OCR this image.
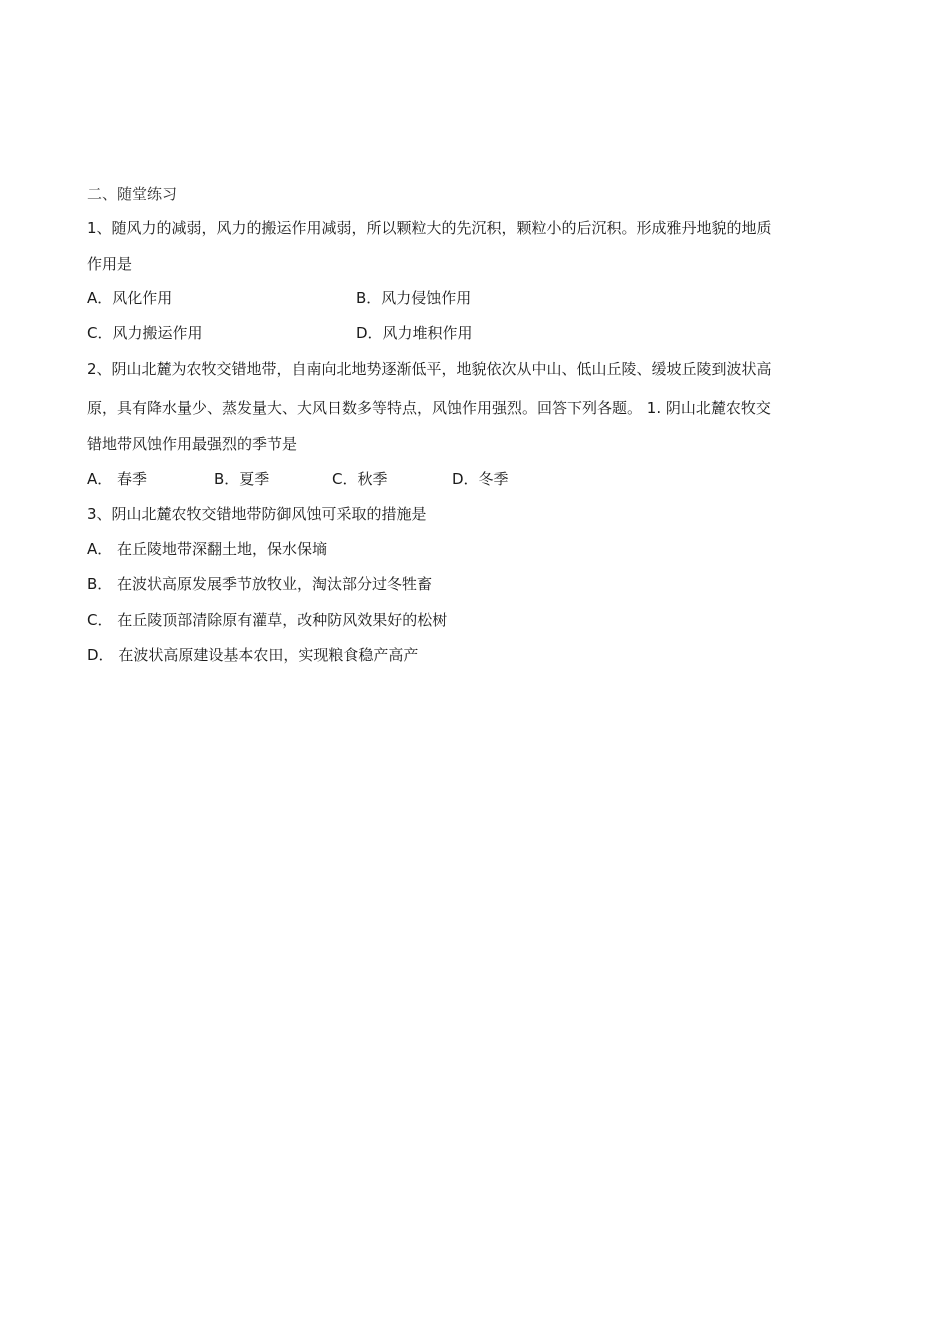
二、随堂练习
1、随风力的减弱，风力的搬运作用减弱，所以颗粒大的先沉积，颗粒小的后沉积。形成雅丹地貌的地质
作用是
A．风化作用	B．风力侵蚀作用
C．风力搬运作用	D．风力堆积作用
2、阴山北麓为农牧交错地带，自南向北地势逐渐低平，地貌依次从中山、低山丘陵、缓坡丘陵到波状高
原，具有降水量少、蒸发量大、大风日数多等特点，风蚀作用强烈。回答下列各题。 1. 阴山北麓农牧交
错地带风蚀作用最强烈的季节是
A． 春季	B．夏季	C．秋季	D．冬季
3、阴山北麓农牧交错地带防御风蚀可采取的措施是
A． 在丘陵地带深翻土地，保水保墒
B． 在波状高原发展季节放牧业，淘汰部分过冬牲畜
C． 在丘陵顶部清除原有灌草，改种防风效果好的松树
D． 在波状高原建设基本农田，实现粮食稳产高产
